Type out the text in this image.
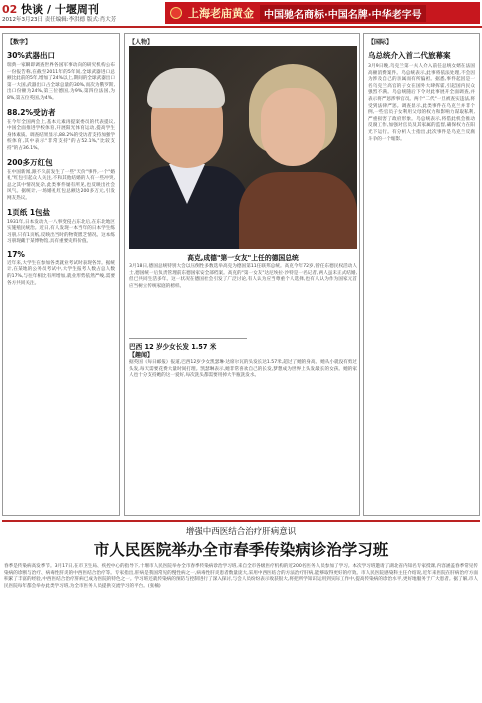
02 快谈 / 十堰周刊
2012年3月23日 责任编辑:李洪德 版式:肖大芳	上海老庙黄金	中国驰名商标·中国名牌·中华老字号
【数字】
30%武器出口
瑞典一家瞬即调查世界各国军事动向的研究机构公布一份报告称,在截至2011年的5年间,全球武器进口总额比此前的5年,增加了24%以上,期间的全球武器出口第一大国,武器出口占全球总量的30%,而次为俄罗斯,出口份额为24%,第三位德国,为9%,第四位法国,为8%,第五位英国,为4%。
88.2%受访者
在今年全国两会上,基本元素再提案委员的代表提议,中国全面推进学校体育,开展阳光体育运动,提高学生身体素质。调查结果显示,88.2%的受访者支持加强学校体育,其中表示"非常支持"的占52.1%,"比较支持"的占36.1%。
200多万红包
在中国新闻,跟不久前发生了一些"天价"事件,一个"婚礼"红包引起众人关注,不和其他结婚的人有一些冲突,总之其中情况复杂,此类事件屡有所见,也反映出社会风气。据统计,一场婚礼红包总额达200多万元,引发网友热议。
1页纸 1包盐
1931年,日本发动九一八事变侵占东北后,在东北地区实施殖民统治。近日,有人发现一本当年的日本学生练习册,只有1页纸,反映出当时的物资匮乏情况。这本练习册现藏于某博物馆,具有重要史料价值。
17%
近年来,大学生在参加各类就业考试时表现各异。据统计,在某地的公务员考试中,大学生报考人数占总人数的17%,与往年相比有所增加,就业形势依然严峻,需要各方共同关注。
【人物】
高克,成德"第一女友"上任的德国总统
3月18日,德国总统特别大会以压倒性多数选举高克为德国第11任联邦总统。高克今年72岁,曾任东德民权活动人士,德国统一后负责管理前东德国家安全部档案。高克的"第一女友"达尼埃拉·沙特是一名记者,两人虽未正式结婚,但已共同生活多年。这一状况在德国社会引发了广泛讨论,有人认为应当尊重个人选择,也有人认为作为国家元首应当树立传统家庭的榜样。
巴西 12 岁少女长发 1.57 米
【趣闻】
据英国《每日邮报》报道,巴西12岁少女凯瑟琳·达席尔瓦的头发长达1.57米,超过了她的身高。她从小就没有剪过头发,每天需要花费大量时间打理。凯瑟琳表示,她非常喜欢自己的长发,梦想成为世界上头发最长的女孩。她的家人也十分支持她的这一爱好,每次洗头都需要用掉大半瓶洗发水。
【国际】
乌总统介入首二代旅幕案
3月9日晚,乌克兰第一夫人介入前任总统女婿在法国高额消费案件。乌总统表示,此事将依法处理,不会因为涉及自己的亲属而有所偏袒。据悉,事件起因是一名乌克兰高官的子女在国外大肆挥霍,引起国内民众强烈不满。乌总统随后下令对此事展开全面调查,并表示将严惩涉事官员。两个"二代"一旦被查实违法,将受到法律严惩。调查显示,此类事件在乌克兰并非个例,一些官员子女利用父母的权力和影响力谋取私利,严重损害了政府形象。乌总统表示,将借此机会推动反腐工作,加强对官员及其家属的监督,确保权力在阳光下运行。有分析人士指出,此次事件是乌克兰反腐斗争的一个缩影。
增强中西医结合治疗肝病意识
市人民医院举办全市春季传染病诊治学习班
春季是传染病高发季节。3月17日,在市卫生局、疾控中心的指导下,十堰市人民医院举办全市春季传染病诊治学习班,来自全市各级医疗机构的近200名医务人员参加了学习。本次学习班邀请了湖北省内知名专家授课,内容涵盖春季常见传染病的诊断与治疗、病毒性肝炎的中西医结合治疗等。专家指出,肝病是我国常见的慢性病之一,病毒性肝炎患者数量庞大,采用中西医结合的方法治疗肝病,能够取得更好的疗效。市人民医院感染科主任介绍说,近年来医院在肝病治疗方面积累了丰富的经验,中西医结合治疗肝病已成为医院的特色之一。学习班还就传染病的预防与控制进行了深入探讨,与会人员纷纷表示收获很大,将把所学知识运用到实际工作中,提高传染病的诊治水平,更好地服务于广大患者。据了解,市人民医院每年都会举办此类学习班,为全市医务人员提供交流学习的平台。(张楠)
